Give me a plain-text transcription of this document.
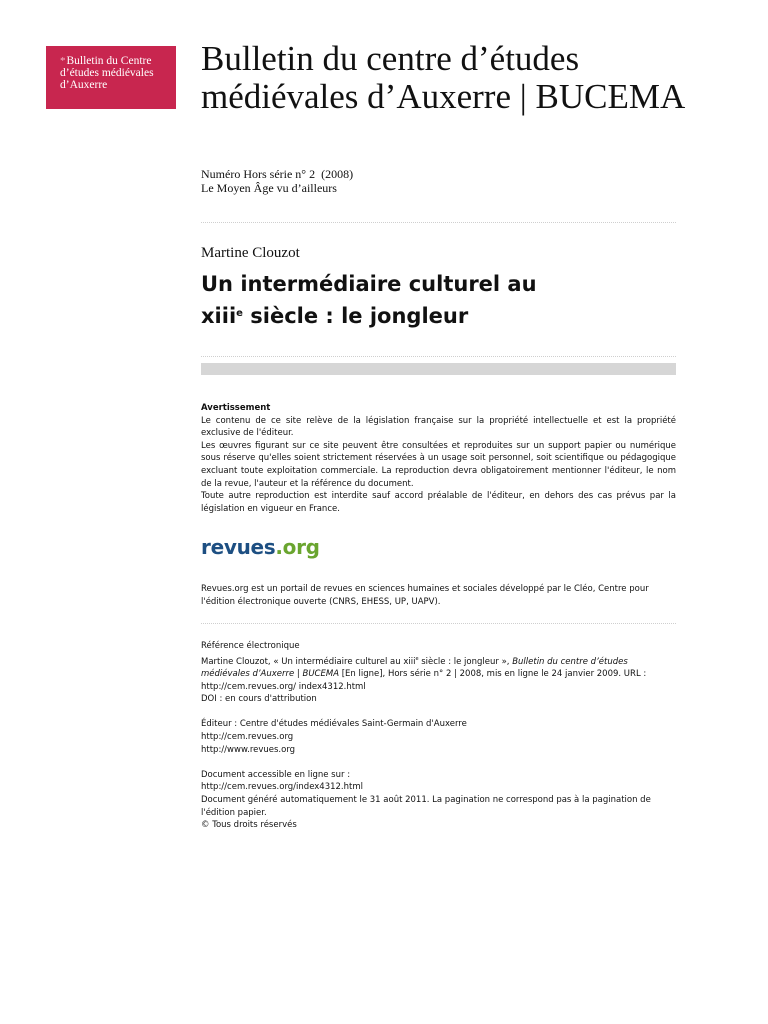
*Bulletin du Centre
d’études médiévales
d’Auxerre
Bulletin du centre d’études médiévales d’Auxerre | BUCEMA
Numéro Hors série n° 2  (2008)
Le Moyen Âge vu d’ailleurs
Martine Clouzot
Un intermédiaire culturel au
xiii$^e$ siècle : le jongleur
Avertissement

Le contenu de ce site relève de la législation française sur la propriété intellectuelle et est la propriété exclusive de l'éditeur.

Les œuvres figurant sur ce site peuvent être consultées et reproduites sur un support papier ou numérique sous réserve qu'elles soient strictement réservées à un usage soit personnel, soit scientifique ou pédagogique excluant toute exploitation commerciale. La reproduction devra obligatoirement mentionner l'éditeur, le nom de la revue, l'auteur et la référence du document.

Toute autre reproduction est interdite sauf accord préalable de l'éditeur, en dehors des cas prévus par la législation en vigueur en France.

revues.org
Revues.org est un portail de revues en sciences humaines et sociales développé par le Cléo, Centre pour l'édition électronique ouverte (CNRS, EHESS, UP, UAPV).

Référence électronique

Martine Clouzot, « Un intermédiaire culturel au xiii$^e$ siècle : le jongleur », Bulletin du centre d’études médiévales d’Auxerre | BUCEMA [En ligne], Hors série n° 2 | 2008, mis en ligne le 24 janvier 2009. URL : http://cem.revues.org/ index4312.html

DOI : en cours d'attribution

Éditeur : Centre d'études médiévales Saint-Germain d'Auxerre

http://cem.revues.org

http://www.revues.org

Document accessible en ligne sur :

http://cem.revues.org/index4312.html

Document généré automatiquement le 31 août 2011. La pagination ne correspond pas à la pagination de l'édition papier.

© Tous droits réservés
